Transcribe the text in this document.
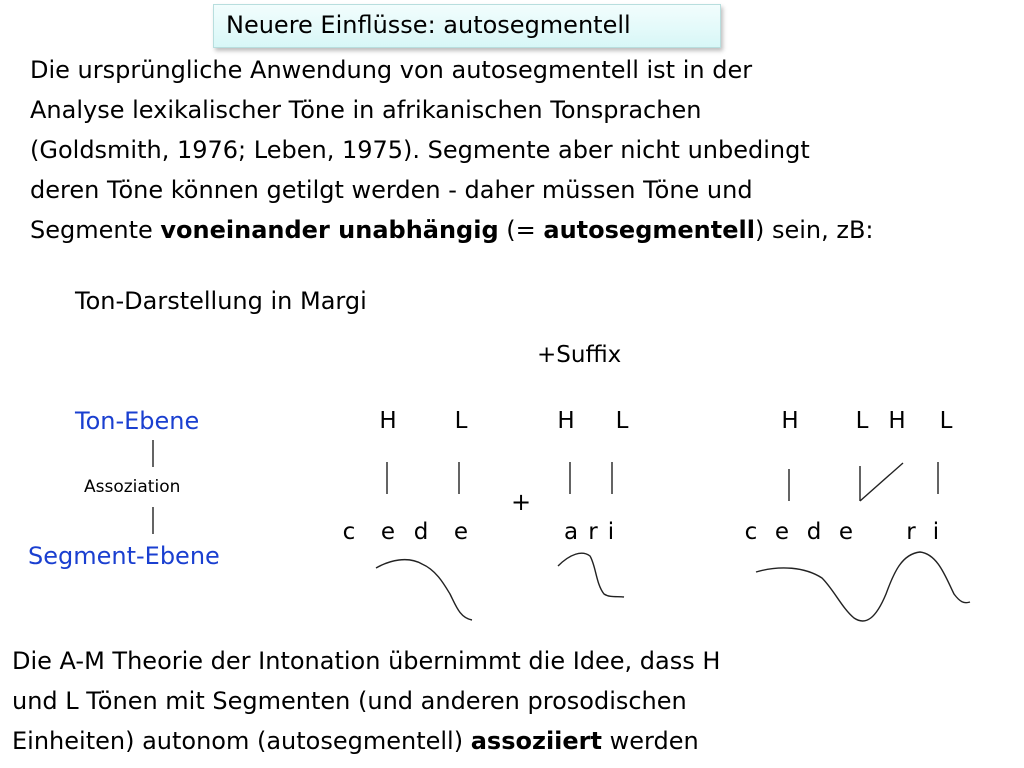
Neuere Einflüsse: autosegmentell
Die ursprüngliche Anwendung von autosegmentell ist in der
Analyse lexikalischer Töne in afrikanischen Tonsprachen
(Goldsmith, 1976; Leben, 1975). Segmente aber nicht unbedingt
deren Töne können getilgt werden - daher müssen Töne und
Segmente voneinander unabhängig (= autosegmentell) sein, zB:
Ton-Darstellung in Margi
+Suffix
Ton-Ebene
Assoziation
Segment-Ebene
+
H	L	H L	H L H L
c e d e	a r i	c e d e r i
Die A-M Theorie der Intonation übernimmt die Idee, dass H
und L Tönen mit Segmenten (und anderen prosodischen
Einheiten) autonom (autosegmentell) assoziiert werden
